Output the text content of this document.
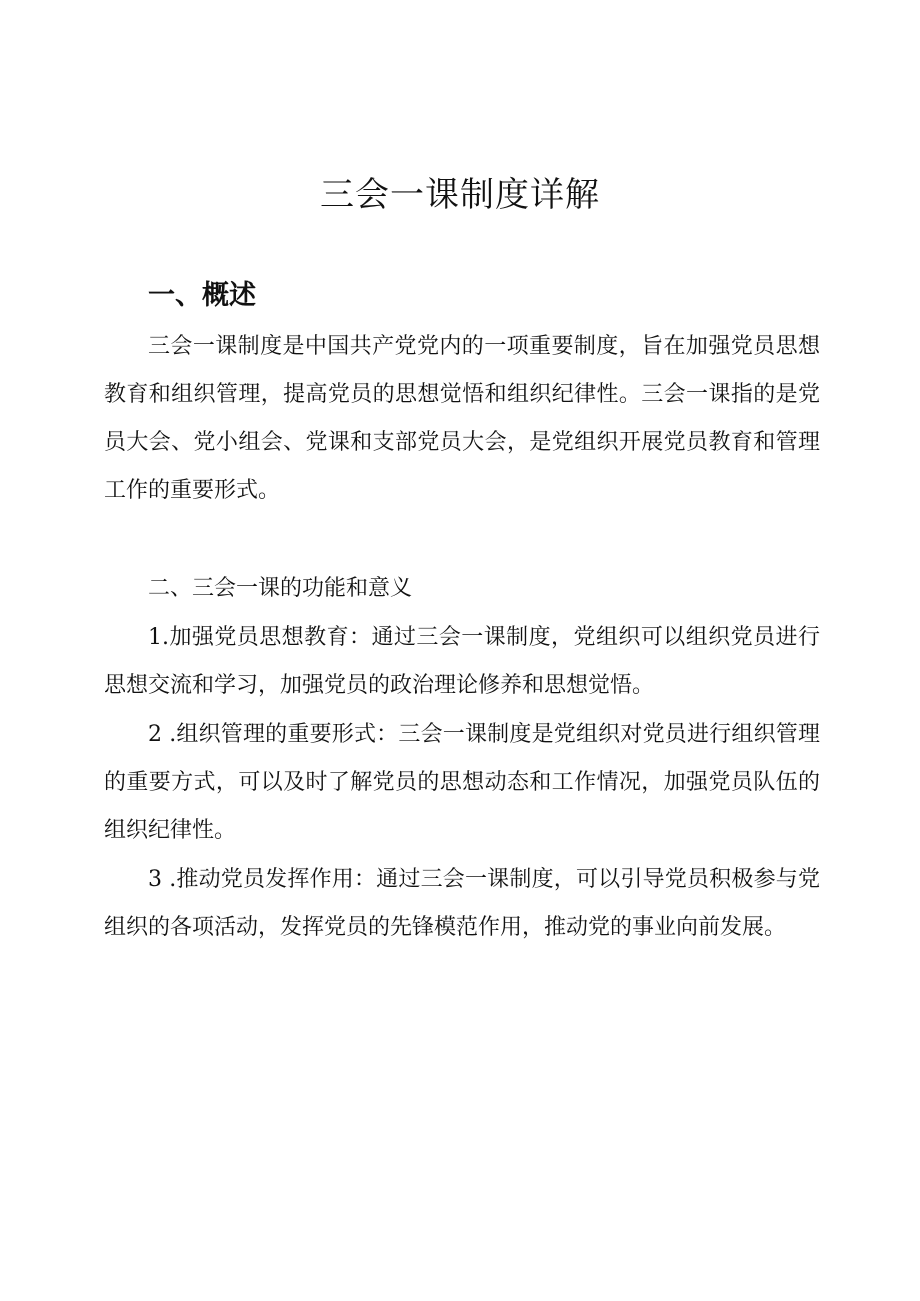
三会一课制度详解
一、概述

三会一课制度是中国共产党党内的一项重要制度，旨在加强党员思想教育和组织管理，提高党员的思想觉悟和组织纪律性。三会一课指的是党员大会、党小组会、党课和支部党员大会，是党组织开展党员教育和管理工作的重要形式。

二、三会一课的功能和意义

1.加强党员思想教育：通过三会一课制度，党组织可以组织党员进行思想交流和学习，加强党员的政治理论修养和思想觉悟。

2 .组织管理的重要形式：三会一课制度是党组织对党员进行组织管理的重要方式，可以及时了解党员的思想动态和工作情况，加强党员队伍的组织纪律性。

3 .推动党员发挥作用：通过三会一课制度，可以引导党员积极参与党组织的各项活动，发挥党员的先锋模范作用，推动党的事业向前发展。
